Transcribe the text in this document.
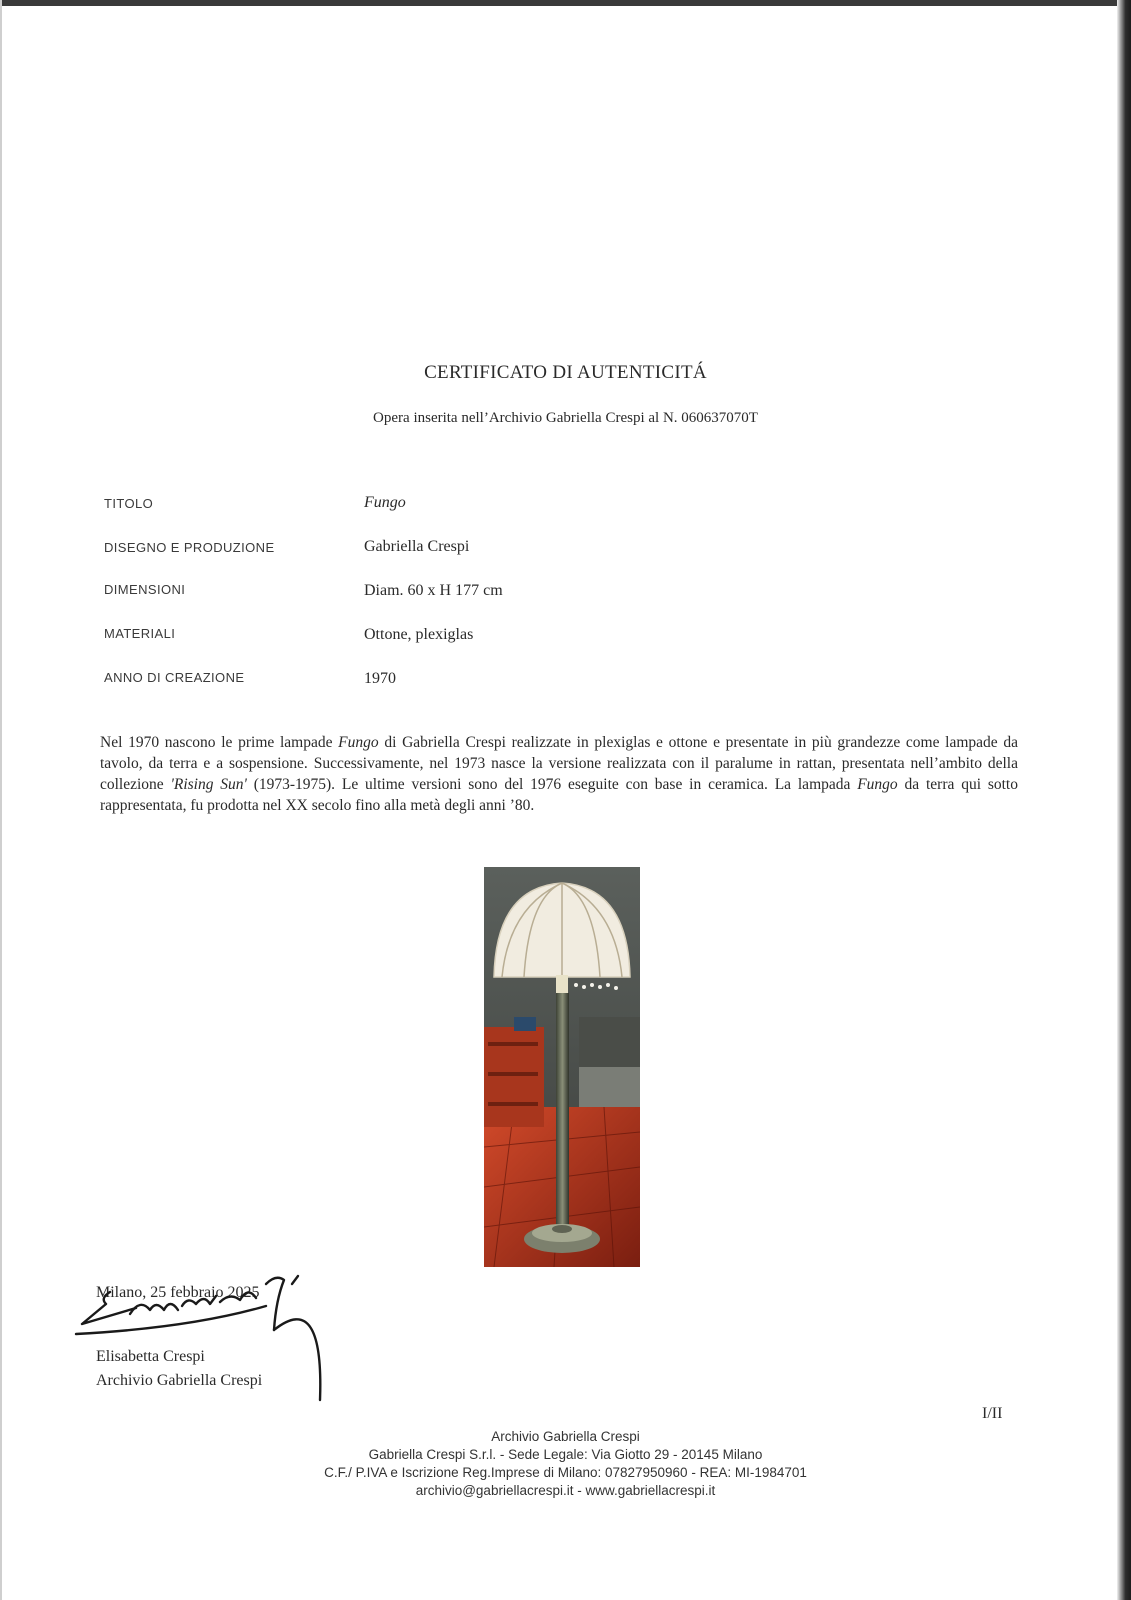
CERTIFICATO DI AUTENTICITÁ
Opera inserita nell’Archivio Gabriella Crespi al N. 060637070T
TITOLO	Fungo
DISEGNO E PRODUZIONE	Gabriella Crespi
DIMENSIONI	Diam. 60 x H 177 cm
MATERIALI	Ottone, plexiglas
ANNO DI CREAZIONE	1970
Nel 1970 nascono le prime lampade Fungo di Gabriella Crespi realizzate in plexiglas e ottone e presentate in più grandezze come lampade da tavolo, da terra e a sospensione. Successivamente, nel 1973 nasce la versione realizzata con il paralume in rattan, presentata nell’ambito della collezione 'Rising Sun' (1973-1975). Le ultime versioni sono del 1976 eseguite con base in ceramica. La lampada Fungo da terra qui sotto rappresentata, fu prodotta nel XX secolo fino alla metà degli anni ’80.
Milano, 25 febbraio 2025
Elisabetta Crespi
Archivio Gabriella Crespi
I/II
Archivio Gabriella Crespi
Gabriella Crespi S.r.l. - Sede Legale: Via Giotto 29 - 20145 Milano
C.F./ P.IVA e Iscrizione Reg.Imprese di Milano: 07827950960 - REA: MI-1984701
archivio@gabriellacrespi.it - www.gabriellacrespi.it
